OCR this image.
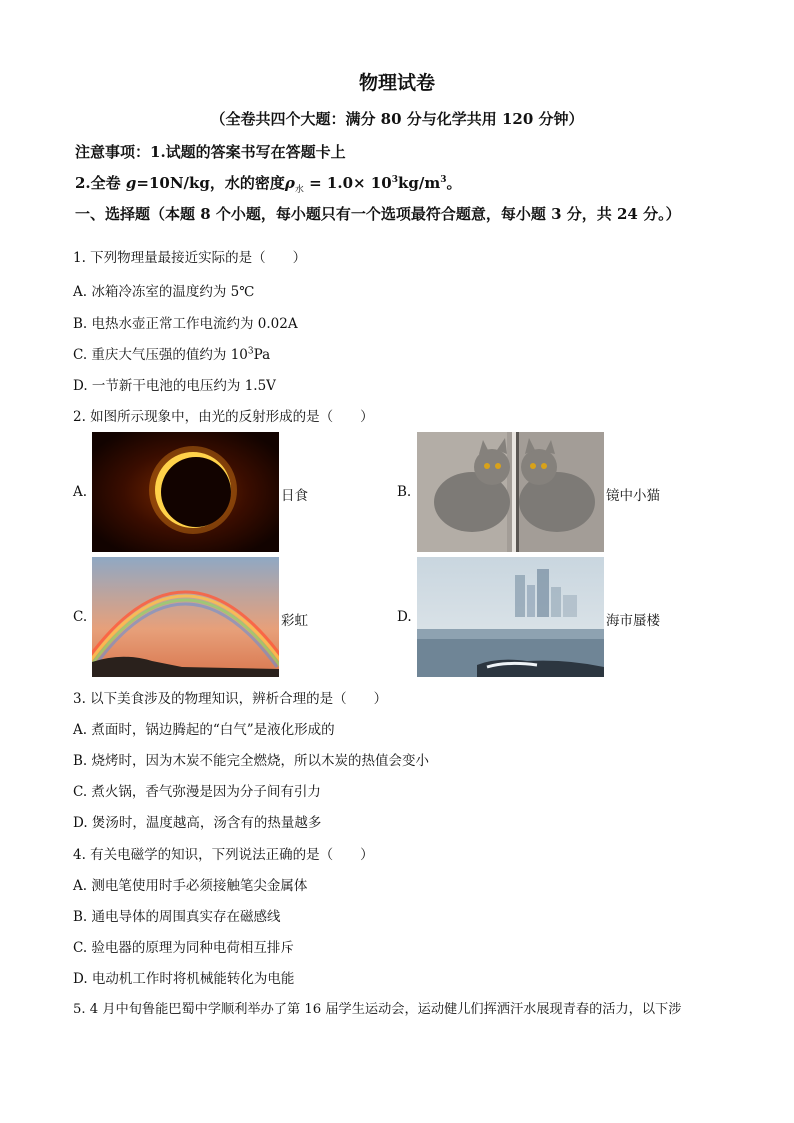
物理试卷
（全卷共四个大题：满分 80 分与化学共用 120 分钟）
注意事项：1.试题的答案书写在答题卡上
2.全卷 g=10N/kg，水的密度$\rho_水 = 1.0\times 10^3kg/m^3$。
一、选择题（本题 8 个小题，每小题只有一个选项最符合题意，每小题 3 分，共 24 分。）
1. 下列物理量最接近实际的是（　　）
A. 冰箱冷冻室的温度约为 5℃
B. 电热水壶正常工作电流约为 0.02A
C. 重庆大气压强的值约为 $10^3Pa$
D. 一节新干电池的电压约为 1.5V
2. 如图所示现象中，由光的反射形成的是（　　）
A.	日食	B.	镜中小猫
C.	彩虹	D.	海市蜃楼
3. 以下美食涉及的物理知识，辨析合理的是（　　）
A. 煮面时，锅边腾起的“白气”是液化形成的
B. 烧烤时，因为木炭不能完全燃烧，所以木炭的热值会变小
C. 煮火锅，香气弥漫是因为分子间有引力
D. 煲汤时，温度越高，汤含有的热量越多
4. 有关电磁学的知识，下列说法正确的是（　　）
A. 测电笔使用时手必须接触笔尖金属体
B. 通电导体的周围真实存在磁感线
C. 验电器的原理为同种电荷相互排斥
D. 电动机工作时将机械能转化为电能
5. 4 月中旬鲁能巴蜀中学顺利举办了第 16 届学生运动会，运动健儿们挥洒汗水展现青春的活力，以下涉
